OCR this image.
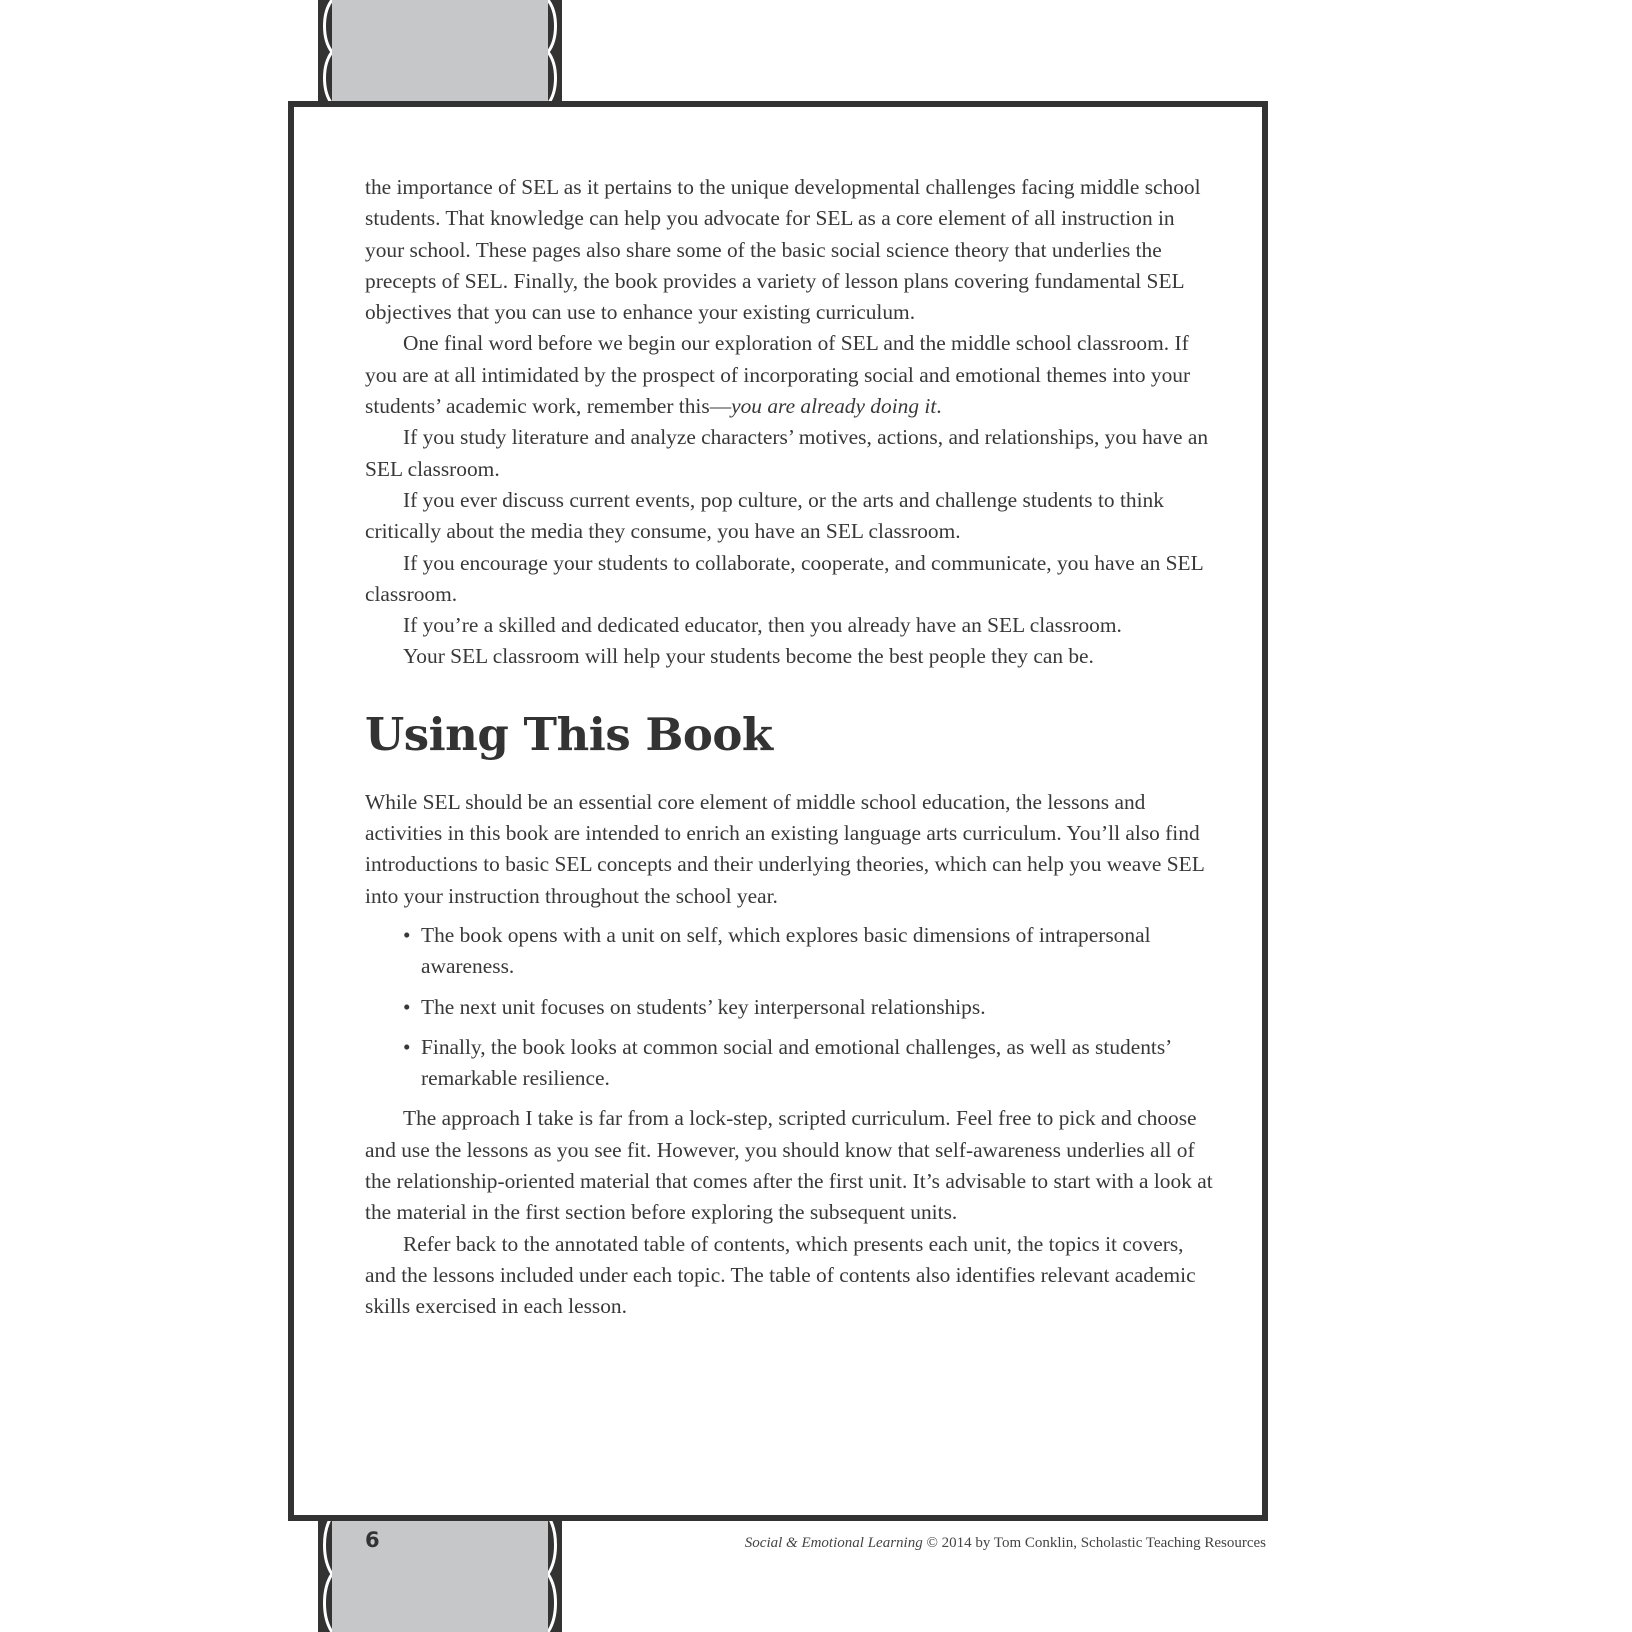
the importance of SEL as it pertains to the unique developmental challenges facing middle school students. That knowledge can help you advocate for SEL as a core element of all instruction in your school. These pages also share some of the basic social science theory that underlies the precepts of SEL. Finally, the book provides a variety of lesson plans covering fundamental SEL objectives that you can use to enhance your existing curriculum.

One final word before we begin our exploration of SEL and the middle school classroom. If you are at all intimidated by the prospect of incorporating social and emotional themes into your students’ academic work, remember this—you are already doing it.

If you study literature and analyze characters’ motives, actions, and relationships, you have an SEL classroom.

If you ever discuss current events, pop culture, or the arts and challenge students to think critically about the media they consume, you have an SEL classroom.

If you encourage your students to collaborate, cooperate, and communicate, you have an SEL classroom.

If you’re a skilled and dedicated educator, then you already have an SEL classroom.

Your SEL classroom will help your students become the best people they can be.

Using This Book

While SEL should be an essential core element of middle school education, the lessons and activities in this book are intended to enrich an existing language arts curriculum. You’ll also find introductions to basic SEL concepts and their underlying theories, which can help you weave SEL into your instruction throughout the school year.

• The book opens with a unit on self, which explores basic dimensions of intrapersonal awareness.
• The next unit focuses on students’ key interpersonal relationships.
• Finally, the book looks at common social and emotional challenges, as well as students’ remarkable resilience.

The approach I take is far from a lock-step, scripted curriculum. Feel free to pick and choose and use the lessons as you see fit. However, you should know that self-awareness underlies all of the relationship-oriented material that comes after the first unit. It’s advisable to start with a look at the material in the first section before exploring the subsequent units.

Refer back to the annotated table of contents, which presents each unit, the topics it covers, and the lessons included under each topic. The table of contents also identifies relevant academic skills exercised in each lesson.

6	Social & Emotional Learning © 2014 by Tom Conklin, Scholastic Teaching Resources
